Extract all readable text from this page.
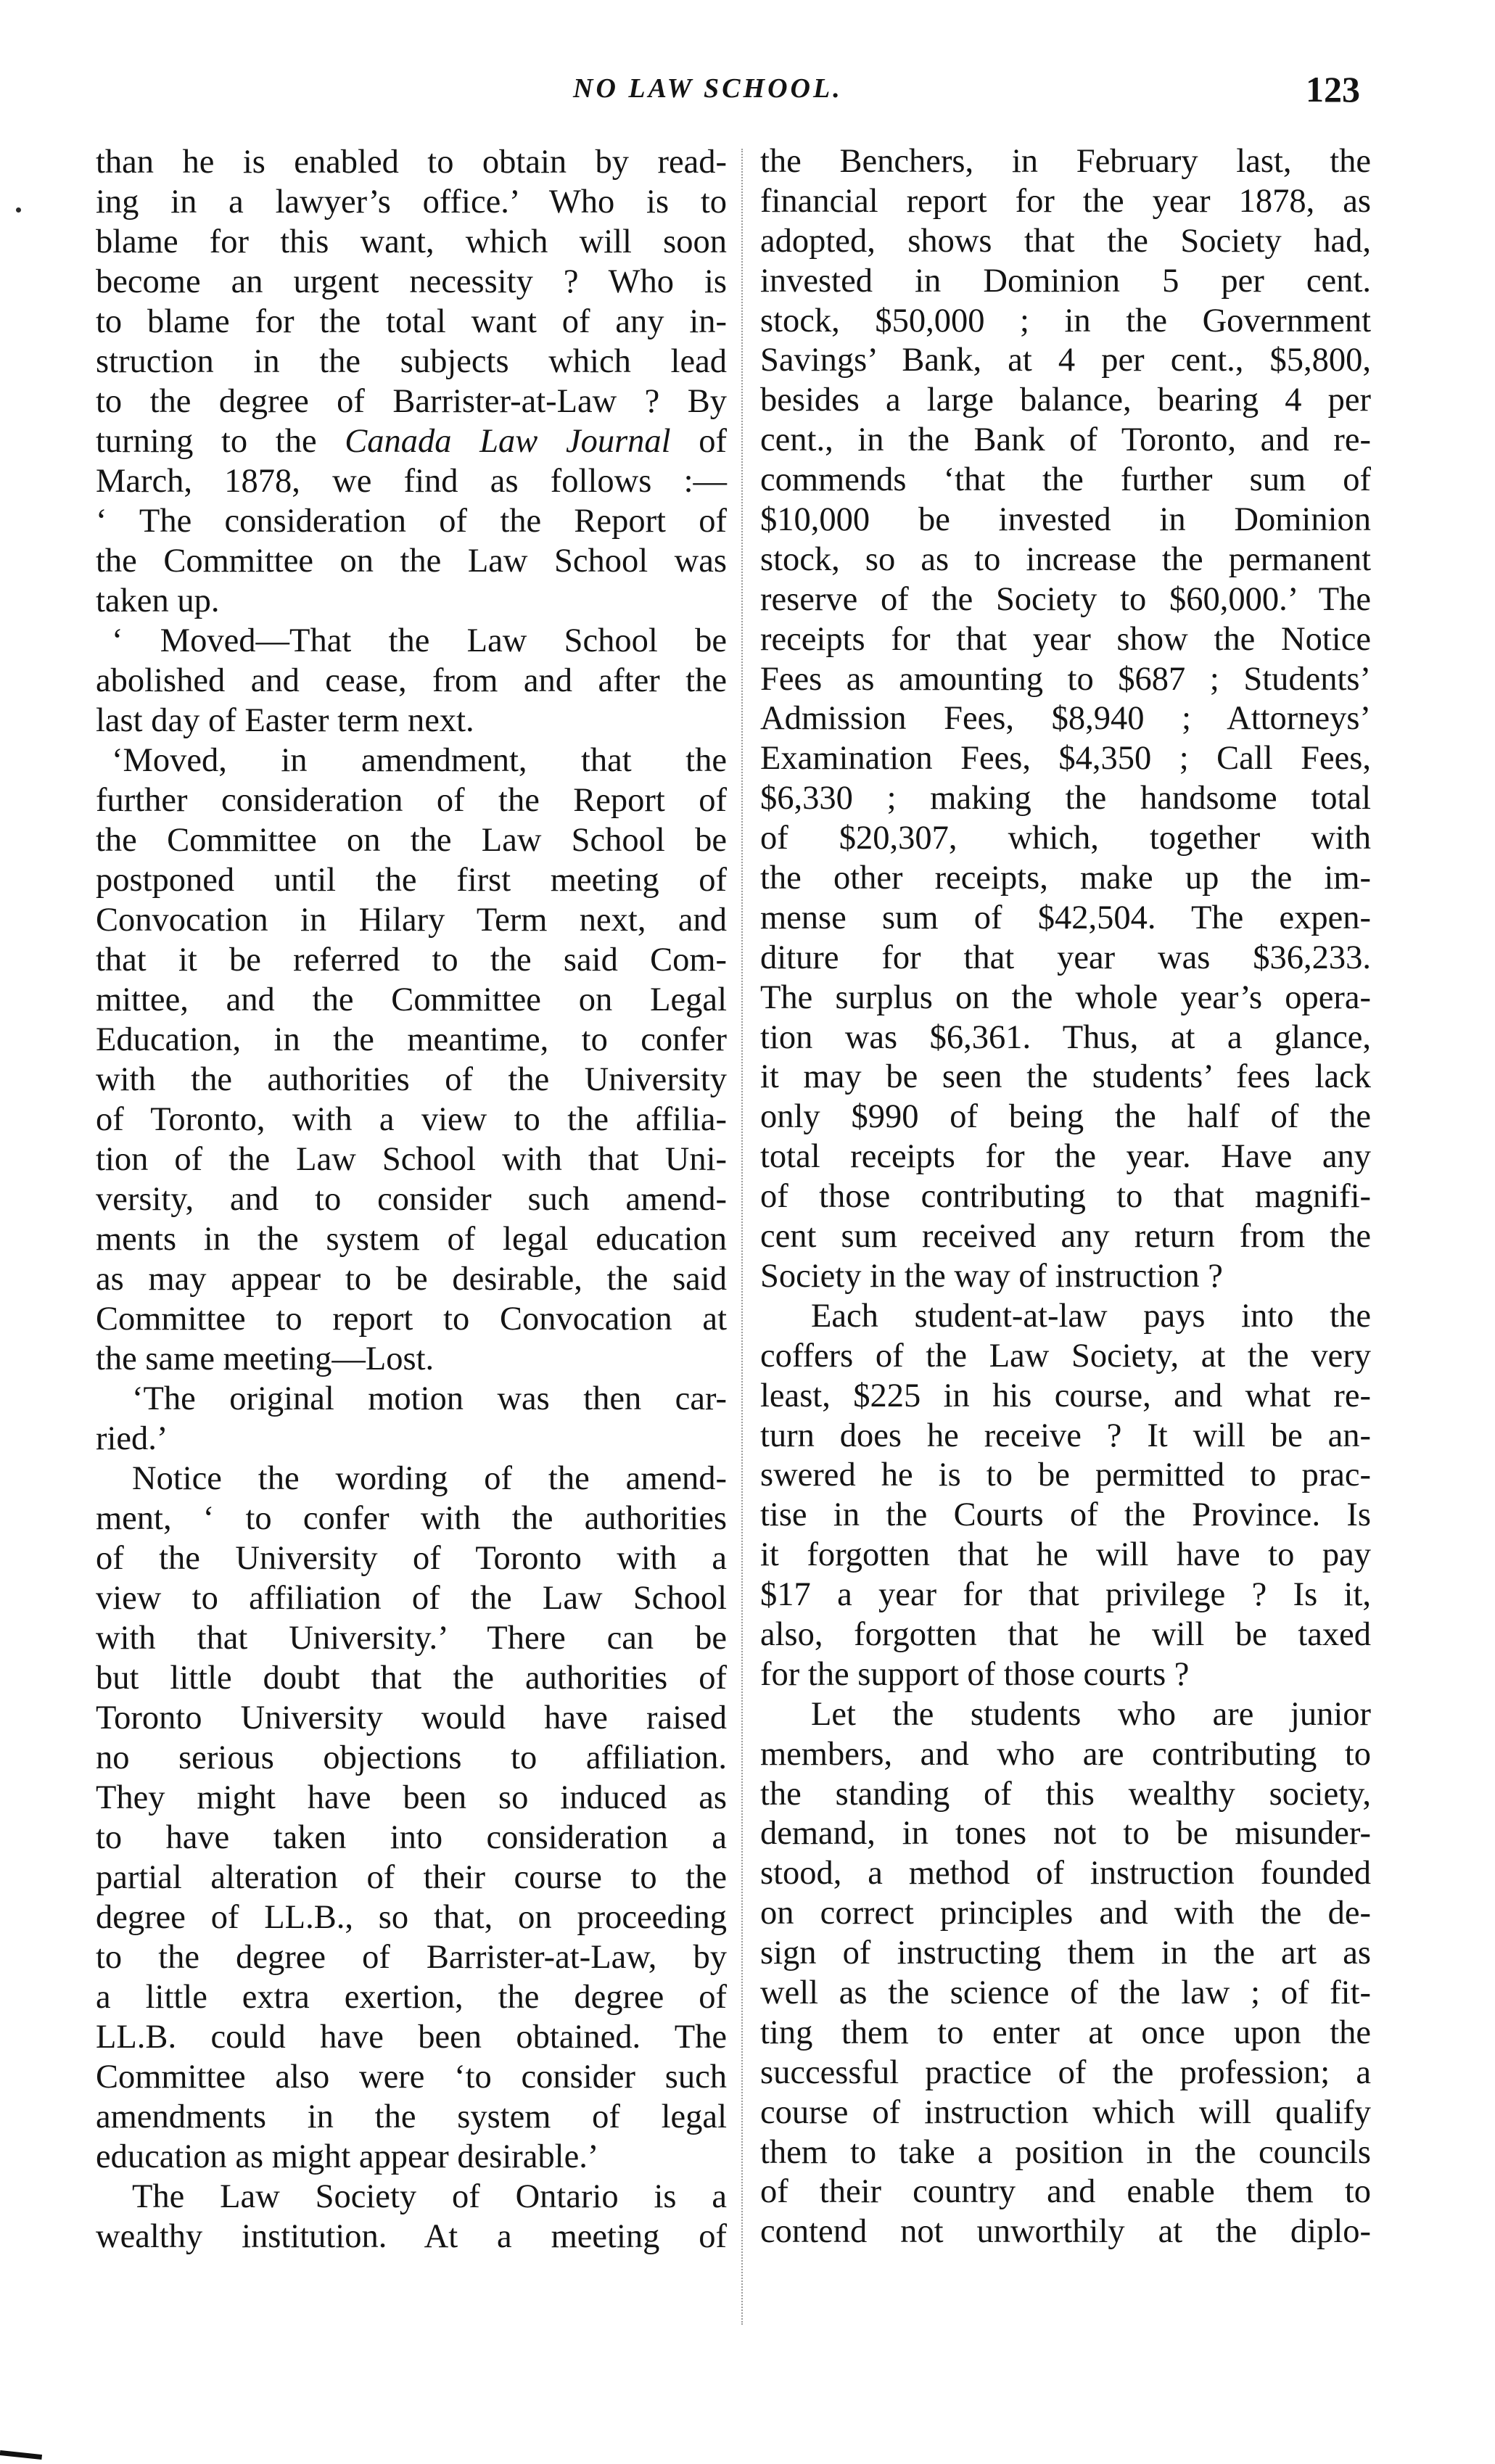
NO LAW SCHOOL.	123
than he is enabled to obtain by read-
ing in a lawyer’s office.’ Who is to
blame for this want, which will soon
become an urgent necessity ? Who is
to blame for the total want of any in-
struction in the subjects which lead
to the degree of Barrister-at-Law ? By
turning to the Canada Law Journal of
March, 1878, we find as follows :—
‘ The consideration of the Report of
the Committee on the Law School was
taken up.
‘ Moved—That the Law School be
abolished and cease, from and after the
last day of Easter term next.
‘Moved, in amendment, that the
further consideration of the Report of
the Committee on the Law School be
postponed until the first meeting of
Convocation in Hilary Term next, and
that it be referred to the said Com-
mittee, and the Committee on Legal
Education, in the meantime, to confer
with the authorities of the University
of Toronto, with a view to the affilia-
tion of the Law School with that Uni-
versity, and to consider such amend-
ments in the system of legal education
as may appear to be desirable, the said
Committee to report to Convocation at
the same meeting—Lost.
‘The original motion was then car-
ried.’
Notice the wording of the amend-
ment, ‘ to confer with the authorities
of the University of Toronto with a
view to affiliation of the Law School
with that University.’ There can be
but little doubt that the authorities of
Toronto University would have raised
no serious objections to affiliation.
They might have been so induced as
to have taken into consideration a
partial alteration of their course to the
degree of LL.B., so that, on proceeding
to the degree of Barrister-at-Law, by
a little extra exertion, the degree of
LL.B. could have been obtained. The
Committee also were ‘to consider such
amendments in the system of legal
education as might appear desirable.’
The Law Society of Ontario is a
wealthy institution. At a meeting of
the Benchers, in February last, the
financial report for the year 1878, as
adopted, shows that the Society had,
invested in Dominion 5 per cent.
stock, $50,000 ; in the Government
Savings’ Bank, at 4 per cent., $5,800,
besides a large balance, bearing 4 per
cent., in the Bank of Toronto, and re-
commends ‘that the further sum of
$10,000 be invested in Dominion
stock, so as to increase the permanent
reserve of the Society to $60,000.’ The
receipts for that year show the Notice
Fees as amounting to $687 ; Students’
Admission Fees, $8,940 ; Attorneys’
Examination Fees, $4,350 ; Call Fees,
$6,330 ; making the handsome total
of $20,307, which, together with
the other receipts, make up the im-
mense sum of $42,504. The expen-
diture for that year was $36,233.
The surplus on the whole year’s opera-
tion was $6,361. Thus, at a glance,
it may be seen the students’ fees lack
only $990 of being the half of the
total receipts for the year. Have any
of those contributing to that magnifi-
cent sum received any return from the
Society in the way of instruction ?
Each student-at-law pays into the
coffers of the Law Society, at the very
least, $225 in his course, and what re-
turn does he receive ? It will be an-
swered he is to be permitted to prac-
tise in the Courts of the Province. Is
it forgotten that he will have to pay
$17 a year for that privilege ? Is it,
also, forgotten that he will be taxed
for the support of those courts ?
Let the students who are junior
members, and who are contributing to
the standing of this wealthy society,
demand, in tones not to be misunder-
stood, a method of instruction founded
on correct principles and with the de-
sign of instructing them in the art as
well as the science of the law ; of fit-
ting them to enter at once upon the
successful practice of the profession; a
course of instruction which will qualify
them to take a position in the councils
of their country and enable them to
contend not unworthily at the diplo-
